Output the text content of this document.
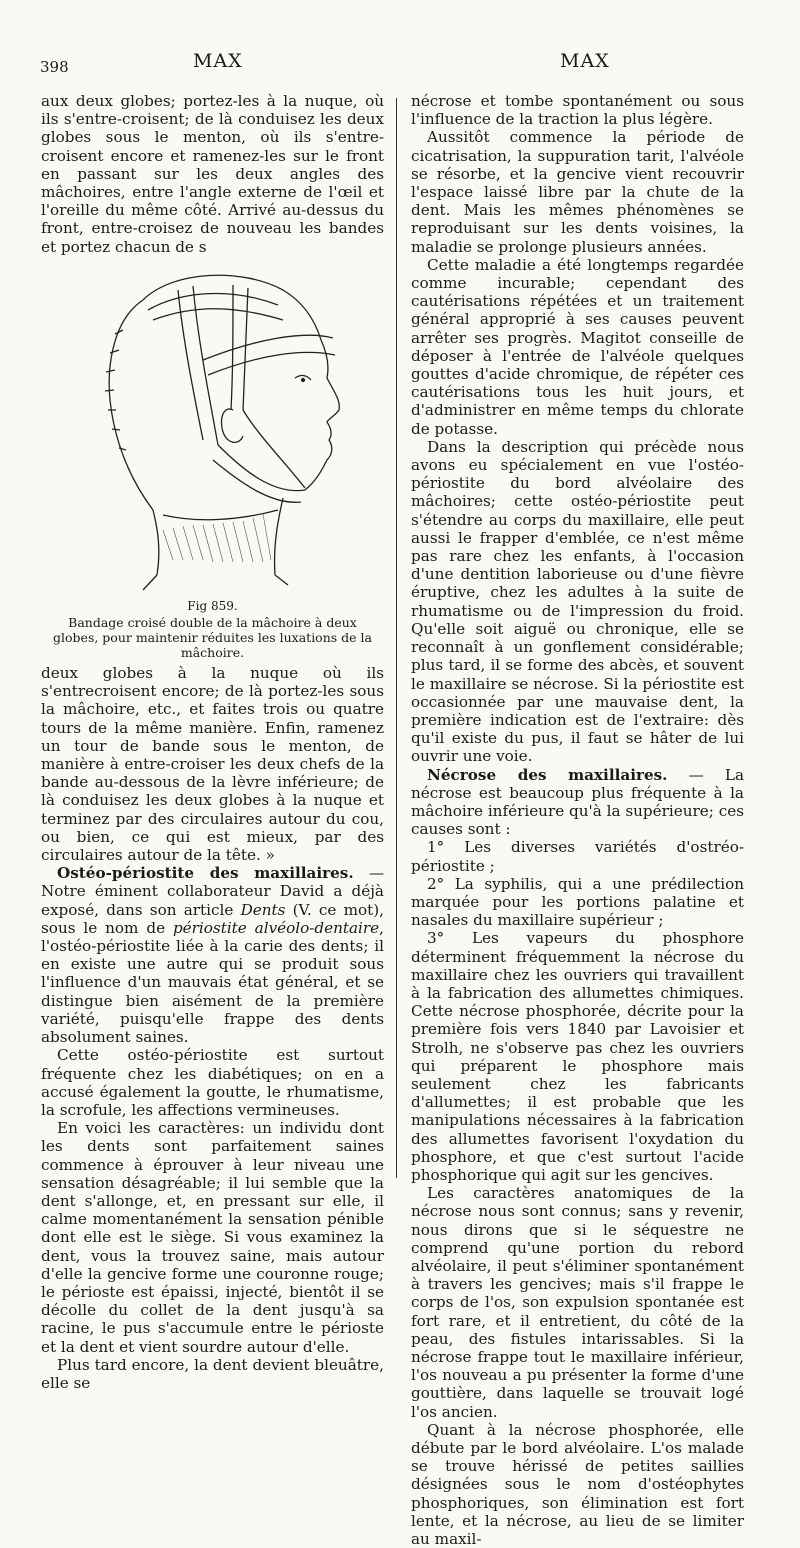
398	MAX	MAX

aux deux globes; portez-les à la nuque, où ils s'entre-croisent; de là conduisez les deux globes sous le menton, où ils s'entre-croisent encore et ramenez-les sur le front en passant sur les deux angles des mâchoires, entre l'angle externe de l'œil et l'oreille du même côté. Arrivé au-dessus du front, entre-croisez de nouveau les bandes et portez chacun de s

Fig 859.
Bandage croisé double de la mâchoire à deux globes, pour maintenir réduites les luxations de la mâchoire.

deux globes à la nuque où ils s'entrecroisent encore; de là portez-les sous la mâchoire, etc., et faites trois ou quatre tours de la même manière. Enfin, ramenez un tour de bande sous le menton, de manière à entre-croiser les deux chefs de la bande au-dessous de la lèvre inférieure; de là conduisez les deux globes à la nuque et terminez par des circulaires autour du cou, ou bien, ce qui est mieux, par des circulaires autour de la tête. »

Ostéo-périostite des maxillaires. — Notre éminent collaborateur David a déjà exposé, dans son article Dents (V. ce mot), sous le nom de périostite alvéolo-dentaire, l'ostéo-périostite liée à la carie des dents; il en existe une autre qui se produit sous l'influence d'un mauvais état général, et se distingue bien aisément de la première variété, puisqu'elle frappe des dents absolument saines.

Cette ostéo-périostite est surtout fréquente chez les diabétiques; on en a accusé également la goutte, le rhumatisme, la scrofule, les affections vermineuses.

En voici les caractères: un individu dont les dents sont parfaitement saines commence à éprouver à leur niveau une sensation désagréable; il lui semble que la dent s'allonge, et, en pressant sur elle, il calme momentanément la sensation pénible dont elle est le siège. Si vous examinez la dent, vous la trouvez saine, mais autour d'elle la gencive forme une couronne rouge; le périoste est épaissi, injecté, bientôt il se décolle du collet de la dent jusqu'à sa racine, le pus s'accumule entre le périoste et la dent et vient sourdre autour d'elle.

Plus tard encore, la dent devient bleuâtre, elle se

nécrose et tombe spontanément ou sous l'influence de la traction la plus légère.

Aussitôt commence la période de cicatrisation, la suppuration tarit, l'alvéole se résorbe, et la gencive vient recouvrir l'espace laissé libre par la chute de la dent. Mais les mêmes phénomènes se reproduisant sur les dents voisines, la maladie se prolonge plusieurs années.

Cette maladie a été longtemps regardée comme incurable; cependant des cautérisations répétées et un traitement général approprié à ses causes peuvent arrêter ses progrès. Magitot conseille de déposer à l'entrée de l'alvéole quelques gouttes d'acide chromique, de répéter ces cautérisations tous les huit jours, et d'administrer en même temps du chlorate de potasse.

Dans la description qui précède nous avons eu spécialement en vue l'ostéo-périostite du bord alvéolaire des mâchoires; cette ostéo-périostite peut s'étendre au corps du maxillaire, elle peut aussi le frapper d'emblée, ce n'est même pas rare chez les enfants, à l'occasion d'une dentition laborieuse ou d'une fièvre éruptive, chez les adultes à la suite de rhumatisme ou de l'impression du froid. Qu'elle soit aiguë ou chronique, elle se reconnaît à un gonflement considérable; plus tard, il se forme des abcès, et souvent le maxillaire se nécrose. Si la périostite est occasionnée par une mauvaise dent, la première indication est de l'extraire: dès qu'il existe du pus, il faut se hâter de lui ouvrir une voie.

Nécrose des maxillaires. — La nécrose est beaucoup plus fréquente à la mâchoire inférieure qu'à la supérieure; ces causes sont :

1° Les diverses variétés d'ostréo-périostite ;

2° La syphilis, qui a une prédilection marquée pour les portions palatine et nasales du maxillaire supérieur ;

3° Les vapeurs du phosphore déterminent fréquemment la nécrose du maxillaire chez les ouvriers qui travaillent à la fabrication des allumettes chimiques. Cette nécrose phosphorée, décrite pour la première fois vers 1840 par Lavoisier et Strolh, ne s'observe pas chez les ouvriers qui préparent le phosphore mais seulement chez les fabricants d'allumettes; il est probable que les manipulations nécessaires à la fabrication des allumettes favorisent l'oxydation du phosphore, et que c'est surtout l'acide phosphorique qui agit sur les gencives.

Les caractères anatomiques de la nécrose nous sont connus; sans y revenir, nous dirons que si le séquestre ne comprend qu'une portion du rebord alvéolaire, il peut s'éliminer spontanément à travers les gencives; mais s'il frappe le corps de l'os, son expulsion spontanée est fort rare, et il entretient, du côté de la peau, des fistules intarissables. Si la nécrose frappe tout le maxillaire inférieur, l'os nouveau a pu présenter la forme d'une gouttière, dans laquelle se trouvait logé l'os ancien.

Quant à la nécrose phosphorée, elle débute par le bord alvéolaire. L'os malade se trouve hérissé de petites saillies désignées sous le nom d'ostéophytes phosphoriques, son élimination est fort lente, et la nécrose, au lieu de se limiter au maxil-
